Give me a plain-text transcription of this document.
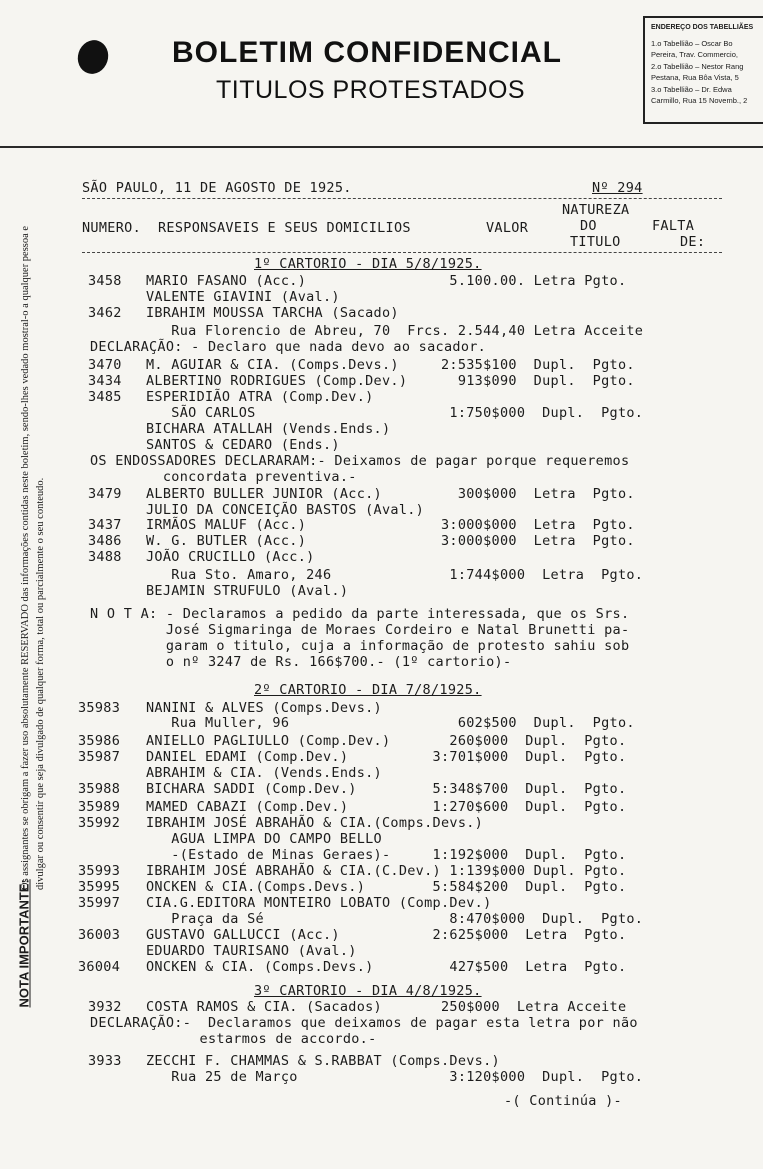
BOLETIM CONFIDENCIAL
TITULOS PROTESTADOS
ENDEREÇO DOS TABELLIÃES
1.o Tabellião – Oscar Bo
Pereira, Trav. Commercio,
2.o Tabellião – Nestor Rang
Pestana, Rua Bôa Vista, 5
3.o Tabellião – Dr. Edwa
Carmillo, Rua 15 Novemb., 2
Os assignantes se obrigam a fazer uso absolutamente RESERVADO das informações contidas neste boletim, sendo-lhes vedado mostral-o a qualquer pessoa e divulgar ou consentir que seja divulgado de qualquer forma, total ou parcialmente o seu conteudo.
NOTA IMPORTANTE:
SÃO PAULO, 11 DE AGOSTO DE 1925.	Nº 294
NUMERO. RESPONSAVEIS E SEUS DOMICILIOS	VALOR
NATUREZA
DO
TITULO
FALTA
DE:
1º CARTORIO - DIA 5/8/1925.
3458 MARIO FASANO (Acc.)                 5.100.00. Letra Pgto.
VALENTE GIAVINI (Aval.)
3462 IBRAHIM MOUSSA TARCHA (Sacado)
Rua Florencio de Abreu, 70  Frcs. 2.544,40 Letra Acceite
DECLARAÇÃO: - Declaro que nada devo ao sacador.
3470 M. AGUIAR & CIA. (Comps.Devs.)     2:535$100  Dupl.  Pgto.
3434 ALBERTINO RODRIGUES (Comp.Dev.)      913$090  Dupl.  Pgto.
3485 ESPERIDIÃO ATRA (Comp.Dev.)
SÃO CARLOS                       1:750$000  Dupl.  Pgto.
BICHARA ATALLAH (Vends.Ends.)
SANTOS & CEDARO (Ends.)
OS ENDOSSADORES DECLARARAM:- Deixamos de pagar porque requeremos
concordata preventiva.-
3479 ALBERTO BULLER JUNIOR (Acc.)         300$000  Letra  Pgto.
JULIO DA CONCEIÇÃO BASTOS (Aval.)
3437 IRMÃOS MALUF (Acc.)                3:000$000  Letra  Pgto.
3486 W. G. BUTLER (Acc.)                3:000$000  Letra  Pgto.
3488 JOÃO CRUCILLO (Acc.)
Rua Sto. Amaro, 246              1:744$000  Letra  Pgto.
BEJAMIN STRUFULO (Aval.)
N O T A: - Declaramos a pedido da parte interessada, que os Srs.
José Sigmaringa de Moraes Cordeiro e Natal Brunetti pa-
garam o titulo, cuja a informação de protesto sahiu sob
o nº 3247 de Rs. 166$700.- (1º cartorio)-
2º CARTORIO - DIA 7/8/1925.
35983 NANINI & ALVES (Comps.Devs.)
Rua Muller, 96                    602$500  Dupl.  Pgto.
35986 ANIELLO PAGLIULLO (Comp.Dev.)       260$000  Dupl.  Pgto.
35987 DANIEL EDAMI (Comp.Dev.)          3:701$000  Dupl.  Pgto.
ABRAHIM & CIA. (Vends.Ends.)
35988 BICHARA SADDI (Comp.Dev.)         5:348$700  Dupl.  Pgto.
35989 MAMED CABAZI (Comp.Dev.)          1:270$600  Dupl.  Pgto.
35992 IBRAHIM JOSÉ ABRAHÃO & CIA.(Comps.Devs.)
AGUA LIMPA DO CAMPO BELLO
-(Estado de Minas Geraes)-     1:192$000  Dupl.  Pgto.
35993 IBRAHIM JOSÉ ABRAHÃO & CIA.(C.Dev.) 1:139$000 Dupl. Pgto.
35995 ONCKEN & CIA.(Comps.Devs.)        5:584$200  Dupl.  Pgto.
35997 CIA.G.EDITORA MONTEIRO LOBATO (Comp.Dev.)
Praça da Sé                      8:470$000  Dupl.  Pgto.
36003 GUSTAVO GALLUCCI (Acc.)           2:625$000  Letra  Pgto.
EDUARDO TAURISANO (Aval.)
36004 ONCKEN & CIA. (Comps.Devs.)         427$500  Letra  Pgto.
3º CARTORIO - DIA 4/8/1925.
3932 COSTA RAMOS & CIA. (Sacados)       250$000  Letra Acceite
DECLARAÇÃO:-  Declaramos que deixamos de pagar esta letra por não
estarmos de accordo.-
3933 ZECCHI F. CHAMMAS & S.RABBAT (Comps.Devs.)
Rua 25 de Março                  3:120$000  Dupl.  Pgto.
-( Continúa )-
